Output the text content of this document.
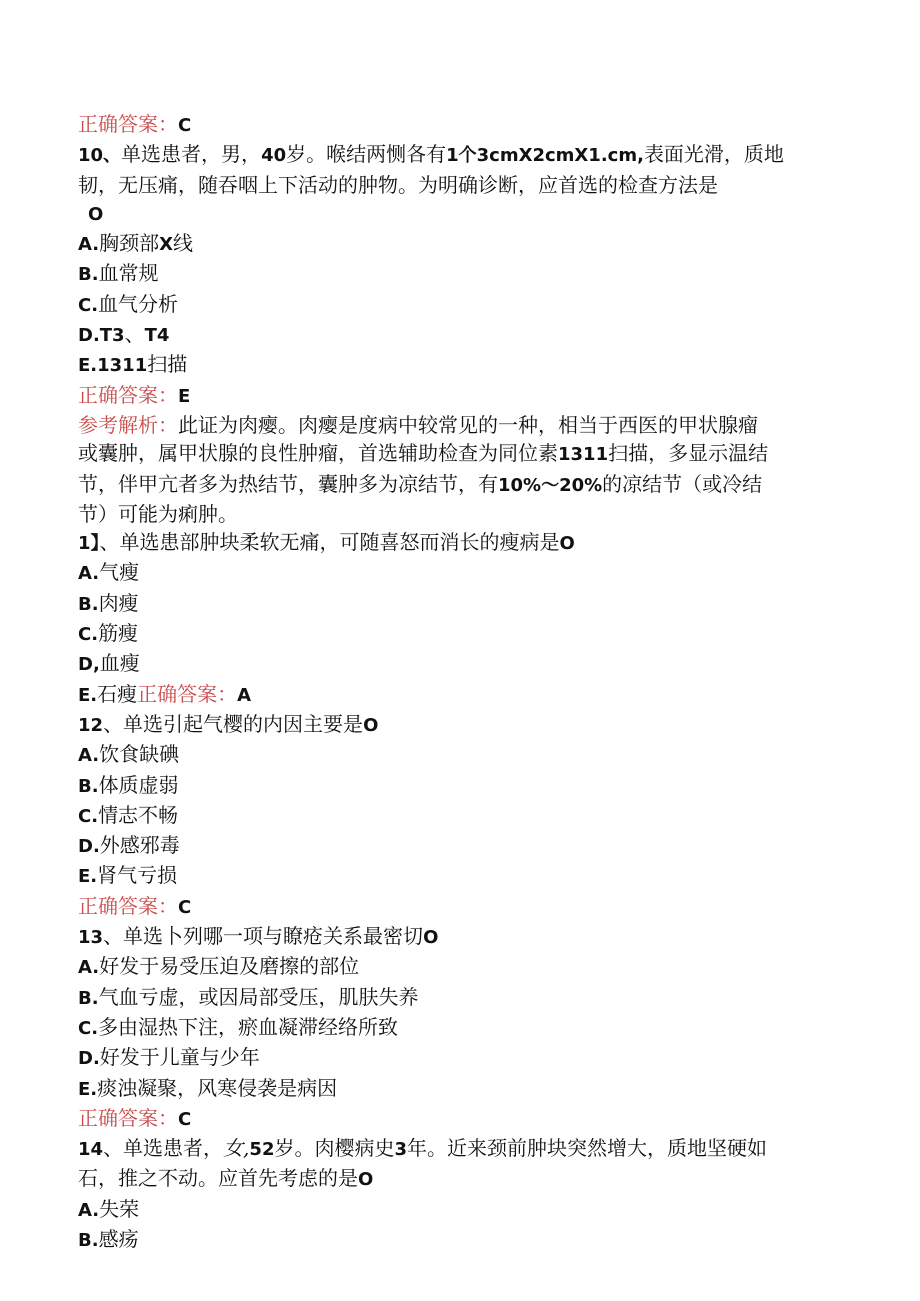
正确答案：C
10、单选患者，男，40岁。喉结两恻各有1个3cmX2cmX1.cm,表面光滑，质地
韧，无压痛，随吞咽上下活动的肿物。为明确诊断，应首选的检查方法是
O
A.胸颈部X线
B.血常规
C.血气分析
D.T3、T4
E.1311扫描
正确答案：E
参考解析：此证为肉瘿。肉瘿是度病中较常见的一种，相当于西医的甲状腺瘤
或囊肿，属甲状腺的良性肿瘤，首选辅助检查为同位素1311扫描，多显示温结
节，伴甲亢者多为热结节，囊肿多为凉结节，有10%〜20%的凉结节（或冷结
节）可能为痢肿。
1】、单选患部肿块柔软无痛，可随喜怒而消长的瘦病是O
A.气瘦
B.肉瘦
C.筋瘦
D,血瘦
E.石瘦正确答案：A
12、单选引起气樱的内因主要是O
A.饮食缺碘
B.体质虚弱
C.情志不畅
D.外感邪毒
E.肾气亏损
正确答案：C
13、单选卜列哪一项与瞭疮关系最密切O
A.好发于易受压迫及磨擦的部位
B.气血亏虚，或因局部受压，肌肤失养
C.多由湿热下注，瘀血凝滞经络所致
D.好发于儿童与少年
E.痰浊凝聚，风寒侵袭是病因
正确答案：C
14、单选患者，女,52岁。肉樱病史3年。近来颈前肿块突然增大，质地坚硬如
石，推之不动。应首先考虑的是O
A.失荣
B.感疡
